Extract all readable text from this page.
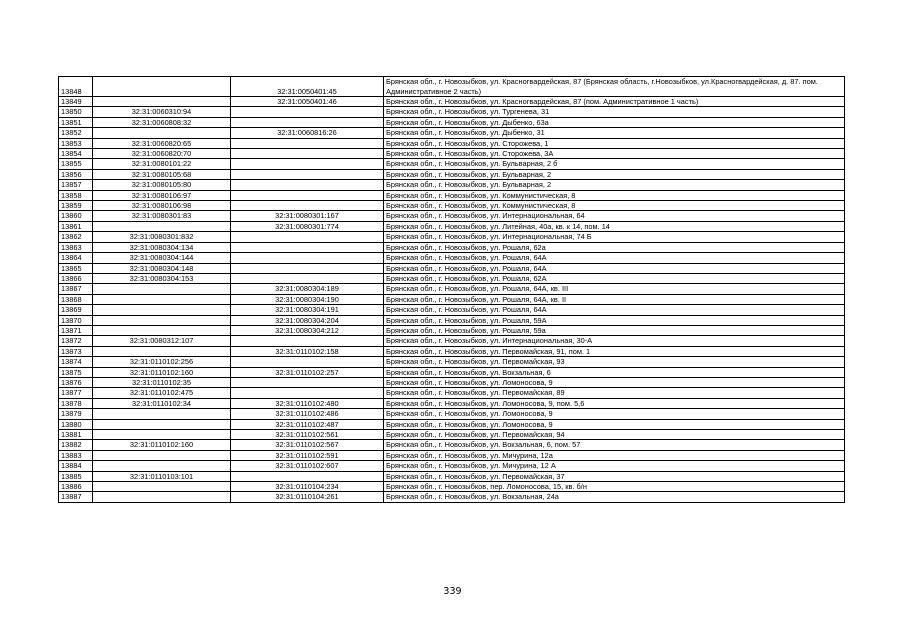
13848		32:31:0050401:45	Брянская обл., г. Новозыбков, ул. Красногвардейская, 87 (Брянская область, г.Новозыбков, ул.Красногвардейская, д. 87. пом. Административное 2 часть)
13849		32:31:0050401:46	Брянская обл., г. Новозыбков, ул. Красногвардейская, 87 (пом. Административное 1 часть)
13850	32:31:0060310:94		Брянская обл., г. Новозыбков, ул. Тургенева, 31
13851	32:31:0060808:32		Брянская обл., г. Новозыбков, ул. Дыбенко, 63а
13852		32:31:0060816:26	Брянская обл., г. Новозыбков, ул. Дыбенко, 31
13853	32:31:0060820:65		Брянская обл., г. Новозыбков, ул. Сторожева, 1
13854	32:31:0060820:70		Брянская обл., г. Новозыбков, ул. Сторожева, 3А
13855	32:31:0080101:22		Брянская обл., г. Новозыбков, ул. Бульварная, 2 б
13856	32:31:0080105:68		Брянская обл., г. Новозыбков, ул. Бульварная, 2
13857	32:31:0080105:80		Брянская обл., г. Новозыбков, ул. Бульварная, 2
13858	32:31:0080106:97		Брянская обл., г. Новозыбков, ул. Коммунистическая, 8
13859	32:31:0080106:98		Брянская обл., г. Новозыбков, ул. Коммунистическая, 8
13860	32:31:0080301:83	32:31:0080301:167	Брянская обл., г. Новозыбков, ул. Интернациональная, 64
13861		32:31:0080301:774	Брянская обл., г. Новозыбков, ул. Литейная, 40а, кв. к 14, пом. 14
13862	32:31:0080301:832		Брянская обл., г. Новозыбков, ул. Интернациональная, 74 Б
13863	32:31:0080304:134		Брянская обл., г. Новозыбков, ул. Рошаля, 62а
13864	32:31:0080304:144		Брянская обл., г. Новозыбков, ул. Рошаля, 64А
13865	32:31:0080304:148		Брянская обл., г. Новозыбков, ул. Рошаля, 64А
13866	32:31:0080304:153		Брянская обл., г. Новозыбков, ул. Рошаля, 62А
13867		32:31:0080304:189	Брянская обл., г. Новозыбков, ул. Рошаля, 64А, кв. III
13868		32:31:0080304:190	Брянская обл., г. Новозыбков, ул. Рошаля, 64А, кв. II
13869		32:31:0080304:191	Брянская обл., г. Новозыбков, ул. Рошаля, 64А
13870		32:31:0080304:204	Брянская обл., г. Новозыбков, ул. Рошаля, 59А
13871		32:31:0080304:212	Брянская обл., г. Новозыбков, ул. Рошаля, 59а
13872	32:31:0080312:107		Брянская обл., г. Новозыбков, ул. Интернациональная, 30-А
13873		32:31:0110102:158	Брянская обл., г. Новозыбков, ул. Первомайская, 91, пом. 1
13874	32:31:0110102:256		Брянская обл., г. Новозыбков, ул. Первомайская, 93
13875	32:31:0110102:160	32:31:0110102:257	Брянская обл., г. Новозыбков, ул. Вокзальная, 6
13876	32:31:0110102:35		Брянская обл., г. Новозыбков, ул. Ломоносова, 9
13877	32:31:0110102:475		Брянская обл., г. Новозыбков, ул. Первомайская, 89
13878	32:31:0110102:34	32:31:0110102:480	Брянская обл., г. Новозыбков, ул. Ломоносова, 9, пом. 5,6
13879		32:31:0110102:486	Брянская обл., г. Новозыбков, ул. Ломоносова, 9
13880		32:31:0110102:487	Брянская обл., г. Новозыбков, ул. Ломоносова, 9
13881		32:31:0110102:561	Брянская обл., г. Новозыбков, ул. Первомайская, 94
13882	32:31:0110102:160	32:31:0110102:567	Брянская обл., г. Новозыбков, ул. Вокзальная, 6, пом. 57
13883		32:31:0110102:591	Брянская обл., г. Новозыбков, ул. Мичурина, 12а
13884		32:31:0110102:607	Брянская обл., г. Новозыбков, ул. Мичурина, 12 А
13885	32:31:0110103:101		Брянская обл., г. Новозыбков, ул. Первомайская, 37
13886		32:31:0110104:234	Брянская обл., г. Новозыбков, пер. Ломоносова, 15, кв. б/н
13887		32:31:0110104:261	Брянская обл., г. Новозыбков, ул. Вокзальная, 24а
339
